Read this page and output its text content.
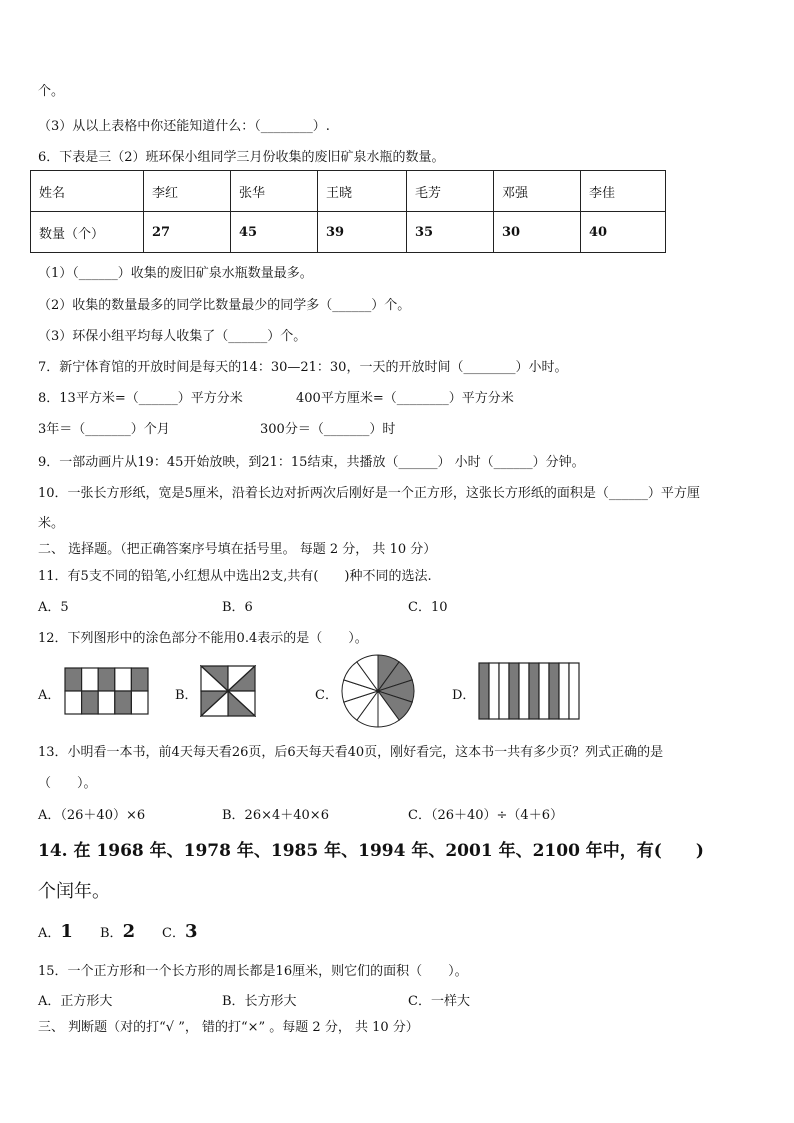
个。
（3）从以上表格中你还能知道什么：（________）.
6．下表是三（2）班环保小组同学三月份收集的废旧矿泉水瓶的数量。
姓名	李红	张华	王晓	毛芳	邓强	李佳
数量（个）	27	45	39	35	30	40
（1）（______）收集的废旧矿泉水瓶数量最多。
（2）收集的数量最多的同学比数量最少的同学多（______）个。
（3）环保小组平均每人收集了（______）个。
7．新宁体育馆的开放时间是每天的14：30—21：30，一天的开放时间（________）小时。
8．13平方米=（______）平方分米	400平方厘米=（________）平方分米
3年＝（_______）个月	300分＝（_______）时
9．一部动画片从19：45开始放映，到21：15结束，共播放（______） 小时（______）分钟。
10．一张长方形纸，宽是5厘米，沿着长边对折两次后刚好是一个正方形，这张长方形纸的面积是（______）平方厘
米。
二、 选择题。（把正确答案序号填在括号里。 每题 2 分， 共 10 分）
11．有5支不同的铅笔,小红想从中选出2支,共有(　　)种不同的选法.
A．5	B．6	C．10
12．下列图形中的涂色部分不能用0.4表示的是（　　）。
A．	B．	C．	D．
13．小明看一本书，前4天每天看26页，后6天每天看40页，刚好看完，这本书一共有多少页？列式正确的是
（　　）。
A．（26＋40）×6	B．26×4＋40×6	C．（26＋40）÷（4＋6）
14. 在 1968 年、1978 年、1985 年、1994 年、2001 年、2100 年中，有(　　)
个闰年。
A．1 B．2 C．3
15．一个正方形和一个长方形的周长都是16厘米，则它们的面积（　　）。
A．正方形大	B．长方形大	C．一样大
三、 判断题（对的打“√ ”， 错的打“×” 。每题 2 分， 共 10 分）
